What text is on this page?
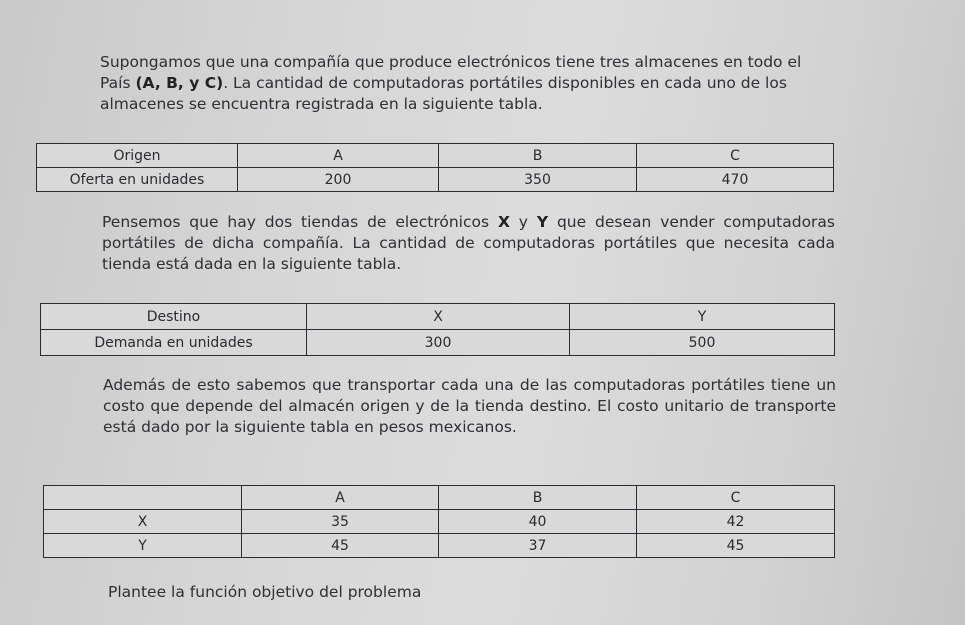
Supongamos que una compañía que produce electrónicos tiene tres almacenes en todo el País (A, B, y C). La cantidad de computadoras portátiles disponibles en cada uno de los almacenes se encuentra registrada en la siguiente tabla.

Origen	A	B	C
Oferta en unidades	200	350	470

Pensemos que hay dos tiendas de electrónicos X y Y que desean vender computadoras portátiles de dicha compañía. La cantidad de computadoras portátiles que necesita cada tienda está dada en la siguiente tabla.

Destino	X	Y
Demanda en unidades	300	500

Además de esto sabemos que transportar cada una de las computadoras portátiles tiene un costo que depende del almacén origen y de la tienda destino. El costo unitario de transporte está dado por la siguiente tabla en pesos mexicanos.

	A	B	C
X	35	40	42
Y	45	37	45

Plantee la función objetivo del problema
